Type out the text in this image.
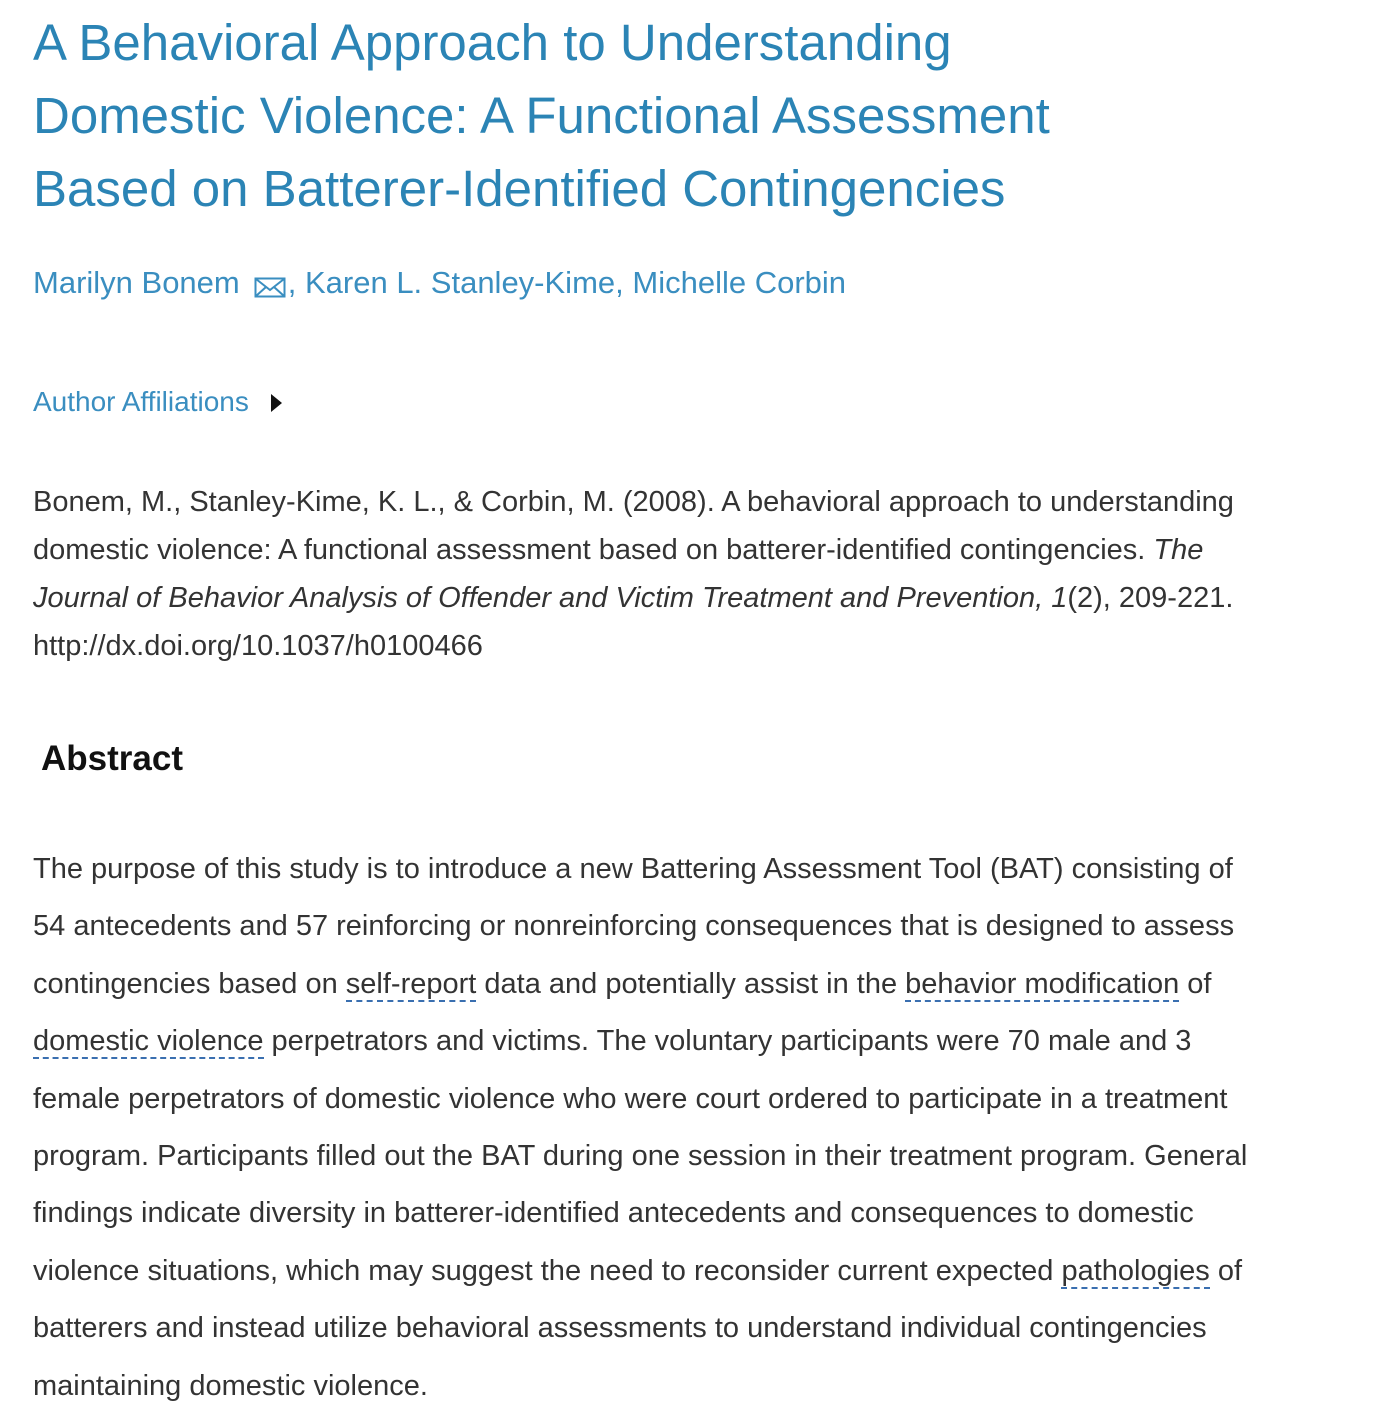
A Behavioral Approach to Understanding
Domestic Violence: A Functional Assessment
Based on Batterer-Identified Contingencies
Marilyn Bonem , Karen L. Stanley-Kime, Michelle Corbin
Author Affiliations
Bonem, M., Stanley-Kime, K. L., & Corbin, M. (2008). A behavioral approach to understanding
domestic violence: A functional assessment based on batterer-identified contingencies. The
Journal of Behavior Analysis of Offender and Victim Treatment and Prevention, 1(2), 209-221.
http://dx.doi.org/10.1037/h0100466
Abstract
The purpose of this study is to introduce a new Battering Assessment Tool (BAT) consisting of
54 antecedents and 57 reinforcing or nonreinforcing consequences that is designed to assess
contingencies based on self-report data and potentially assist in the behavior modification of
domestic violence perpetrators and victims. The voluntary participants were 70 male and 3
female perpetrators of domestic violence who were court ordered to participate in a treatment
program. Participants filled out the BAT during one session in their treatment program. General
findings indicate diversity in batterer-identified antecedents and consequences to domestic
violence situations, which may suggest the need to reconsider current expected pathologies of
batterers and instead utilize behavioral assessments to understand individual contingencies
maintaining domestic violence.
